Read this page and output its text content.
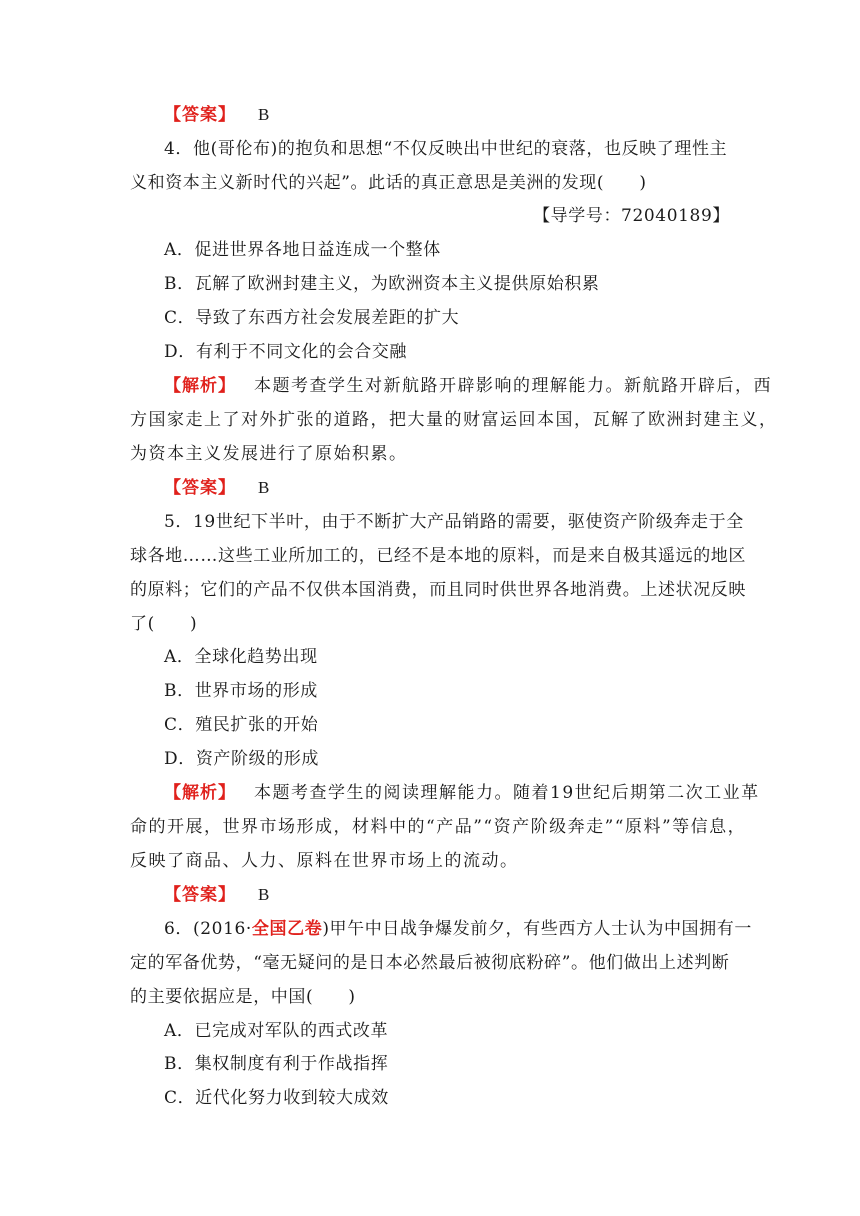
【答案】 B
4．他(哥伦布)的抱负和思想“不仅反映出中世纪的衰落，也反映了理性主
义和资本主义新时代的兴起”。此话的真正意思是美洲的发现(　　)
【导学号：72040189】
A．促进世界各地日益连成一个整体
B．瓦解了欧洲封建主义，为欧洲资本主义提供原始积累
C．导致了东西方社会发展差距的扩大
D．有利于不同文化的会合交融
【解析】 本题考查学生对新航路开辟影响的理解能力。新航路开辟后，西
方国家走上了对外扩张的道路，把大量的财富运回本国，瓦解了欧洲封建主义，
为资本主义发展进行了原始积累。
【答案】 B
5．19世纪下半叶，由于不断扩大产品销路的需要，驱使资产阶级奔走于全
球各地……这些工业所加工的，已经不是本地的原料，而是来自极其遥远的地区
的原料；它们的产品不仅供本国消费，而且同时供世界各地消费。上述状况反映
了(　　)
A．全球化趋势出现
B．世界市场的形成
C．殖民扩张的开始
D．资产阶级的形成
【解析】 本题考查学生的阅读理解能力。随着19世纪后期第二次工业革
命的开展，世界市场形成，材料中的“产品”“资产阶级奔走”“原料”等信息，
反映了商品、人力、原料在世界市场上的流动。
【答案】 B
6．(2016·全国乙卷)甲午中日战争爆发前夕，有些西方人士认为中国拥有一
定的军备优势，“毫无疑问的是日本必然最后被彻底粉碎”。他们做出上述判断
的主要依据应是，中国(　　)
A．已完成对军队的西式改革
B．集权制度有利于作战指挥
C．近代化努力收到较大成效
